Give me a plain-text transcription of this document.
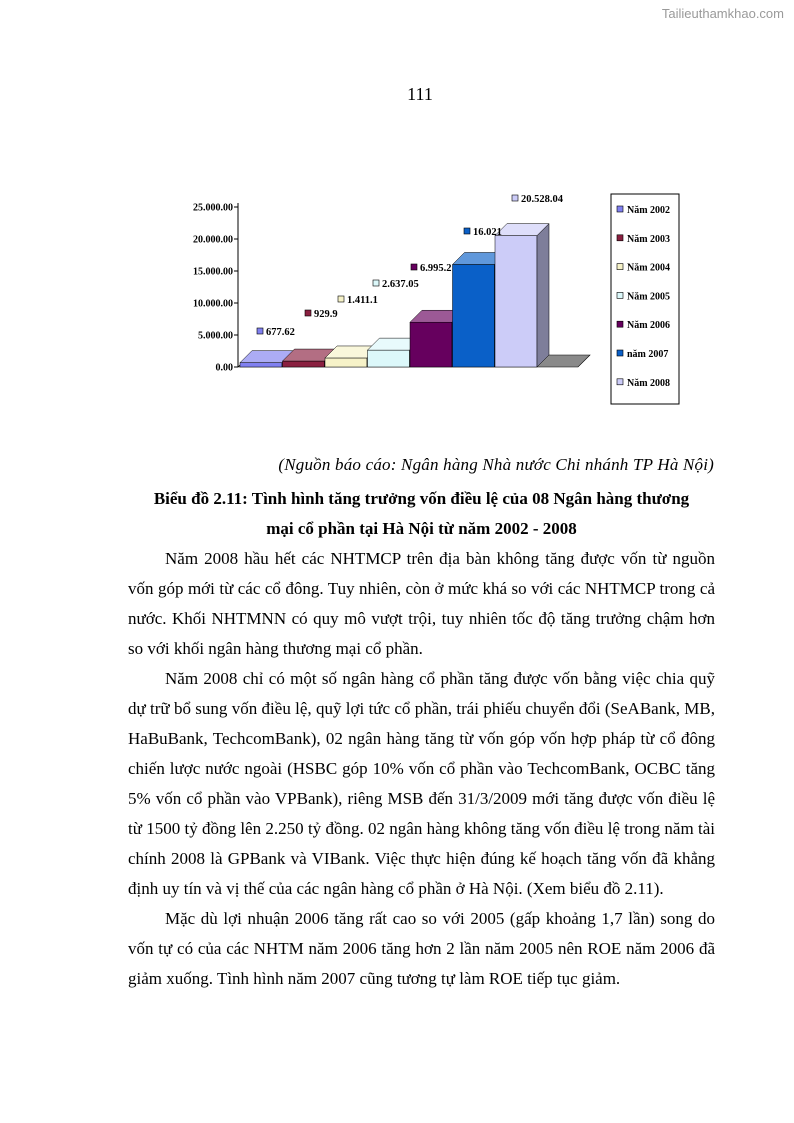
Tailieuthamkhao.com
111
25.000.00
20.000.00
15.000.00
10.000.00
5.000.00
0.00
677.62
929.9
1.411.1
2.637.05
6.995.2
16.021
20.528.04
Năm 2002
Năm 2003
Năm 2004
Năm 2005
Năm 2006
năm 2007
Năm 2008
(Nguồn báo cáo: Ngân hàng Nhà nước Chi nhánh TP Hà Nội)
Biểu đồ 2.11: Tình hình tăng trưởng vốn điều lệ của 08 Ngân hàng thương
mại cổ phần tại Hà Nội từ năm 2002 - 2008

Năm 2008 hầu hết các NHTMCP trên địa bàn không tăng được vốn từ nguồn vốn góp mới từ các cổ đông. Tuy nhiên, còn ở mức khá so với các NHTMCP trong cả nước. Khối NHTMNN có quy mô vượt trội, tuy nhiên tốc độ tăng trưởng chậm hơn so với khối ngân hàng thương mại cổ phần.

Năm 2008 chỉ có một số ngân hàng cổ phần tăng được vốn bằng việc chia quỹ dự trữ bổ sung vốn điều lệ, quỹ lợi tức cổ phần, trái phiếu chuyển đổi (SeABank, MB, HaBuBank, TechcomBank), 02 ngân hàng tăng từ vốn góp vốn hợp pháp từ cổ đông chiến lược nước ngoài (HSBC góp 10% vốn cổ phần vào TechcomBank, OCBC tăng 5% vốn cổ phần vào VPBank), riêng MSB đến 31/3/2009 mới tăng được vốn điều lệ từ 1500 tỷ đồng lên 2.250 tỷ đồng. 02 ngân hàng không tăng vốn điều lệ trong năm tài chính 2008 là GPBank và VIBank. Việc thực hiện đúng kế hoạch tăng vốn đã khẳng định uy tín và vị thế của các ngân hàng cổ phần ở Hà Nội. (Xem biểu đồ 2.11).

Mặc dù lợi nhuận 2006 tăng rất cao so với 2005 (gấp khoảng 1,7 lần) song do vốn tự có của các NHTM năm 2006 tăng hơn 2 lần năm 2005 nên ROE năm 2006 đã giảm xuống. Tình hình năm 2007 cũng tương tự làm ROE tiếp tục giảm.
